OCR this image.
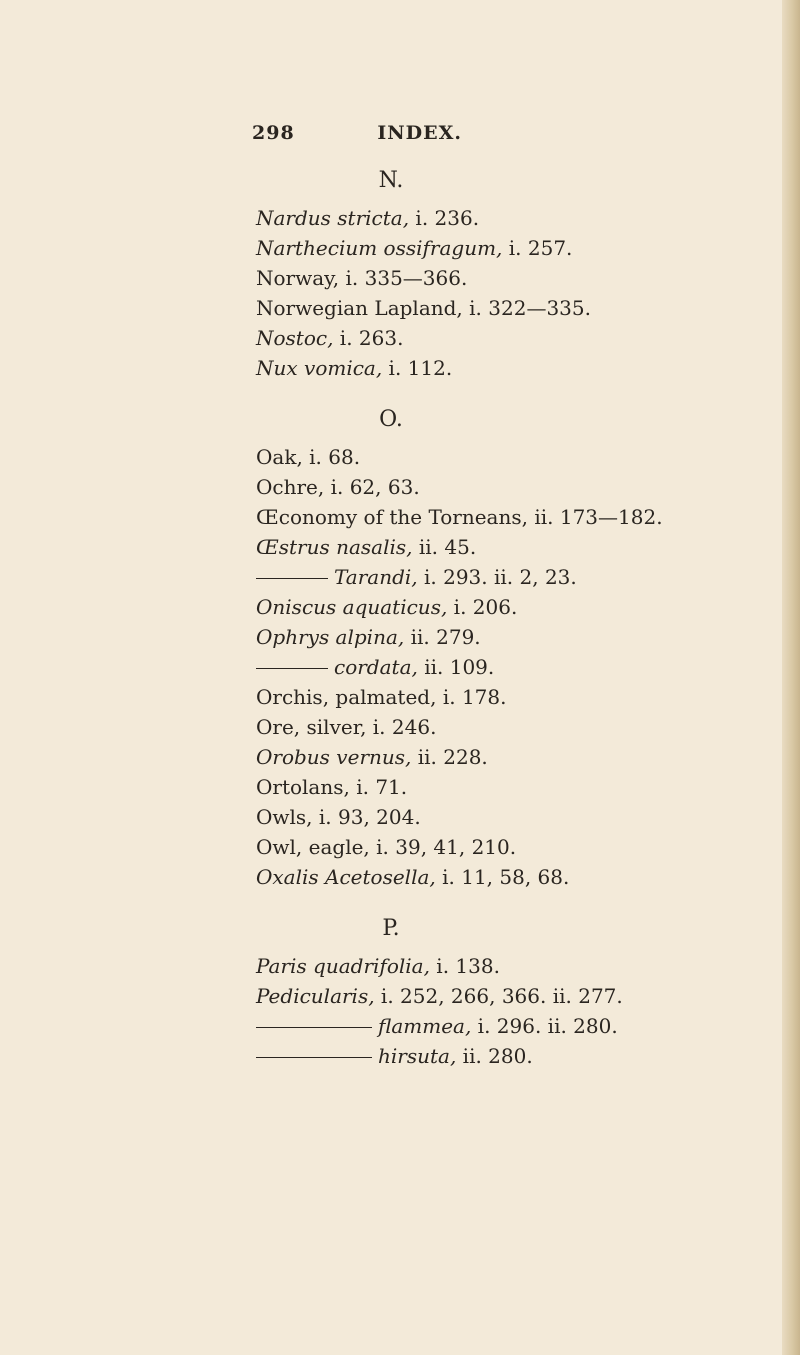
298	INDEX.
N.
Nardus stricta, i. 236.
Narthecium ossifragum, i. 257.
Norway, i. 335—366.
Norwegian Lapland, i. 322—335.
Nostoc, i. 263.
Nux vomica, i. 112.
O.
Oak, i. 68.
Ochre, i. 62, 63.
Œconomy of the Torneans, ii. 173—182.
Œstrus nasalis, ii. 45.
Tarandi, i. 293. ii. 2, 23.
Oniscus aquaticus, i. 206.
Ophrys alpina, ii. 279.
cordata, ii. 109.
Orchis, palmated, i. 178.
Ore, silver, i. 246.
Orobus vernus, ii. 228.
Ortolans, i. 71.
Owls, i. 93, 204.
Owl, eagle, i. 39, 41, 210.
Oxalis Acetosella, i. 11, 58, 68.
P.
Paris quadrifolia, i. 138.
Pedicularis, i. 252, 266, 366. ii. 277.
flammea, i. 296. ii. 280.
hirsuta, ii. 280.
